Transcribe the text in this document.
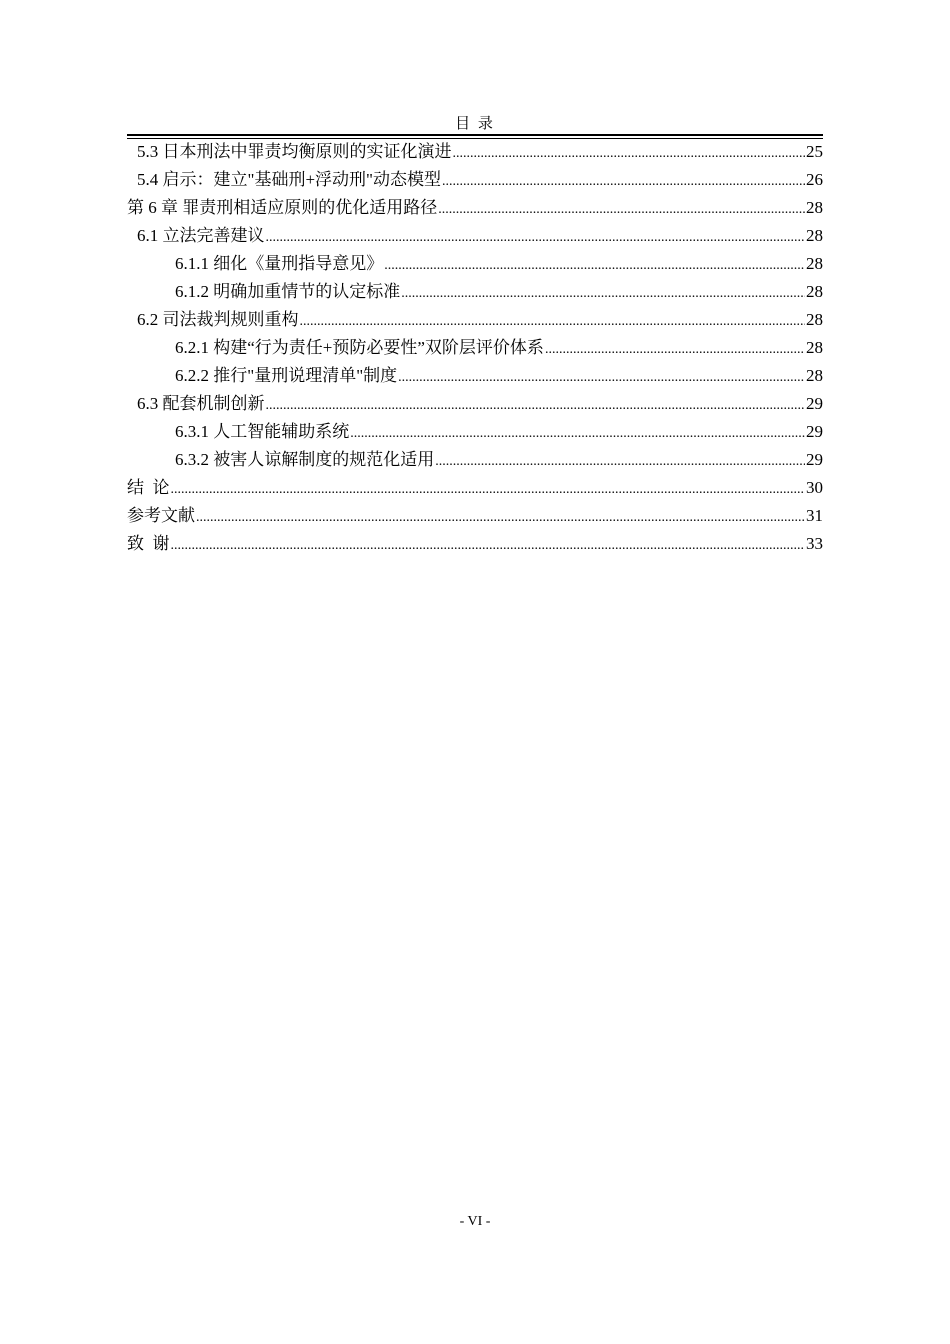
目 录
5.3 日本刑法中罪责均衡原则的实证化演进 .....	25
5.4 启示：建立"基础刑+浮动刑"动态模型 .....	26
第 6 章 罪责刑相适应原则的优化适用路径 .....	28
6.1 立法完善建议 .....	28
6.1.1 细化《量刑指导意见》 .....	28
6.1.2 明确加重情节的认定标准 .....	28
6.2 司法裁判规则重构 .....	28
6.2.1 构建“行为责任+预防必要性”双阶层评价体系 .....	28
6.2.2 推行"量刑说理清单"制度 .....	28
6.3 配套机制创新 .....	29
6.3.1 人工智能辅助系统 .....	29
6.3.2 被害人谅解制度的规范化适用 .....	29
结  论 .....	30
参考文献 .....	31
致  谢 .....	33
- VI -
